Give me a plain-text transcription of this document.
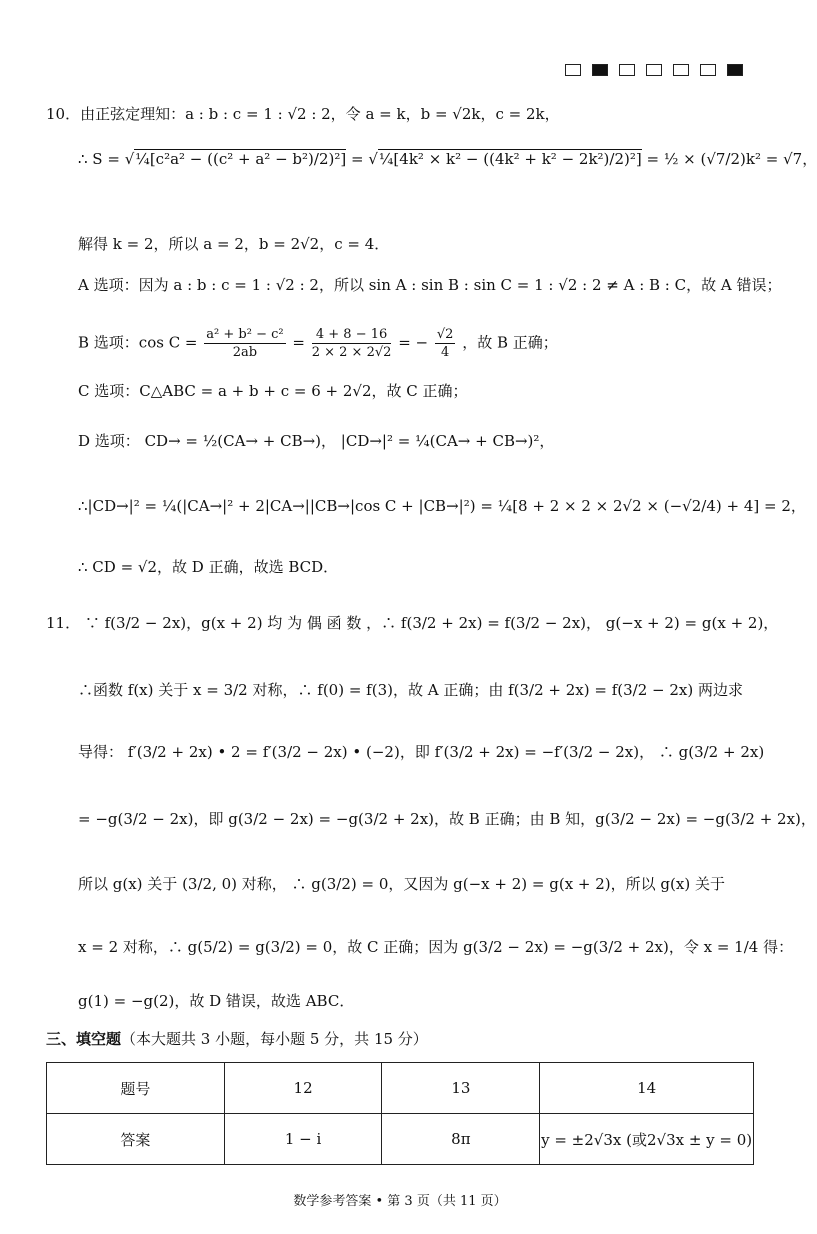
10．由正弦定理知：a : b : c = 1 : √2 : 2，令 a = k，b = √2k，c = 2k，
∴ S = √¼[c²a² − ((c² + a² − b²)/2)²] = √¼[4k² × k² − ((4k² + k² − 2k²)/2)²] = ½ × (√7/2)k² = √7，
解得 k = 2，所以 a = 2，b = 2√2，c = 4．
A 选项：因为 a : b : c = 1 : √2 : 2，所以 sin A : sin B : sin C = 1 : √2 : 2 ≠ A : B : C，故 A 错误；
B 选项：$\cos C = \frac{\text{a² + b² − c²}}{2ab} = \frac{4 + 8 - 16}{2 \times 2 \times 2√2}$ = − $\frac{√2}{4}$ ，故 B 正确；
C 选项：C△ABC = a + b + c = 6 + 2√2，故 C 正确；
D 选项： CD→ = ½(CA→ + CB→)， |CD→|² = ¼(CA→ + CB→)²，
∴|CD→|² = ¼(|CA→|² + 2|CA→||CB→|cos C + |CB→|²) = ¼[8 + 2 × 2 × 2√2 × (−√2/4) + 4] = 2，
∴ CD = √2，故 D 正确，故选 BCD．
11． ∵ f(3/2 − 2x)，g(x + 2) 均 为 偶 函 数 ，∴ f(3/2 + 2x) = f(3/2 − 2x)， g(−x + 2) = g(x + 2)，
∴函数 f(x) 关于 x = 3/2 对称，∴ f(0) = f(3)，故 A 正确；由 f(3/2 + 2x) = f(3/2 − 2x) 两边求
导得： f′(3/2 + 2x) • 2 = f′(3/2 − 2x) • (−2)，即 f′(3/2 + 2x) = −f′(3/2 − 2x)， ∴ g(3/2 + 2x)
= −g(3/2 − 2x)，即 g(3/2 − 2x) = −g(3/2 + 2x)，故 B 正确；由 B 知，g(3/2 − 2x) = −g(3/2 + 2x)，
所以 g(x) 关于 (3/2, 0) 对称， ∴ g(3/2) = 0，又因为 g(−x + 2) = g(x + 2)，所以 g(x) 关于
x = 2 对称，∴ g(5/2) = g(3/2) = 0，故 C 正确；因为 g(3/2 − 2x) = −g(3/2 + 2x)，令 x = 1/4 得：
g(1) = −g(2)，故 D 错误，故选 ABC．
三、填空题（本大题共 3 小题，每小题 5 分，共 15 分）
题号	12	13	14
答案	1 − i	8π	y = ±2√3x (或2√3x ± y = 0)
数学参考答案 • 第 3 页（共 11 页）
